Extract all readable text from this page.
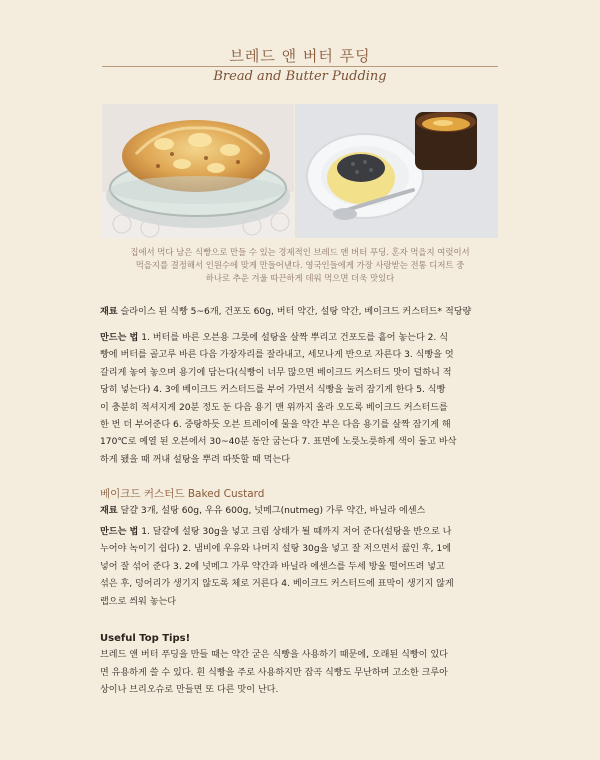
브레드 앤 버터 푸딩
Bread and Butter Pudding
집에서 먹다 남은 식빵으로 만들 수 있는 경제적인 브레드 앤 버터 푸딩. 혼자 먹을지 여럿이서
먹을지를 결정해서 인원수에 맞게 만들어낸다. 영국인들에게 가장 사랑받는 전통 디저트 중
하나로 추운 겨울 따끈하게 데워 먹으면 더욱 맛있다
재료 슬라이스 된 식빵 5~6개, 건포도 60g, 버터 약간, 설탕 약간, 베이크드 커스터드* 적당량
만드는 법 1. 버터를 바른 오븐용 그릇에 설탕을 살짝 뿌리고 건포도를 흩어 놓는다 2. 식
빵에 버터를 골고루 바른 다음 가장자리를 잘라내고, 세모나게 반으로 자른다 3. 식빵을 엇
갈리게 놓여 놓으며 용기에 담는다(식빵이 너무 많으면 베이크드 커스터드 맛이 덜하니 적
당히 넣는다) 4. 3에 베이크드 커스터드를 부어 가면서 식빵을 눌러 잠기게 한다 5. 식빵
이 충분히 적셔지게 20분 정도 둔 다음 용기 맨 위까지 올라 오도록 베이크드 커스터드를
한 번 더 부어준다 6. 중탕하듯 오븐 트레이에 물을 약간 부은 다음 용기를 살짝 잠기게 해
170℃로 예열 된 오븐에서 30~40분 동안 굽는다 7. 표면에 노릇노릇하게 색이 돌고 바삭
하게 됐을 때 꺼내 설탕을 뿌려 따뜻할 때 먹는다
베이크드 커스터드 Baked Custard
재료 달걀 3개, 설탕 60g, 우유 600g, 넛메그(nutmeg) 가루 약간, 바닐라 에센스
만드는 법 1. 달걀에 설탕 30g을 넣고 크림 상태가 될 때까지 저어 준다(설탕을 반으로 나
누어야 녹이기 쉽다) 2. 냄비에 우유와 나머지 설탕 30g을 넣고 잘 저으면서 끓인 후, 1에
넣어 잘 섞어 준다 3. 2에 넛메그 가루 약간과 바닐라 에센스를 두세 방울 떨어뜨려 넣고
섞은 후, 덩어리가 생기지 않도록 체로 거른다 4. 베이크드 커스터드에 표막이 생기지 않게
랩으로 씌워 놓는다
Useful Top Tips!
브레드 앤 버터 푸딩을 만들 때는 약간 굳은 식빵을 사용하기 때문에, 오래된 식빵이 있다
면 유용하게 쓸 수 있다. 흰 식빵을 주로 사용하지만 잡곡 식빵도 무난하며 고소한 크루아
상이나 브리오슈로 만들면 또 다른 맛이 난다.
